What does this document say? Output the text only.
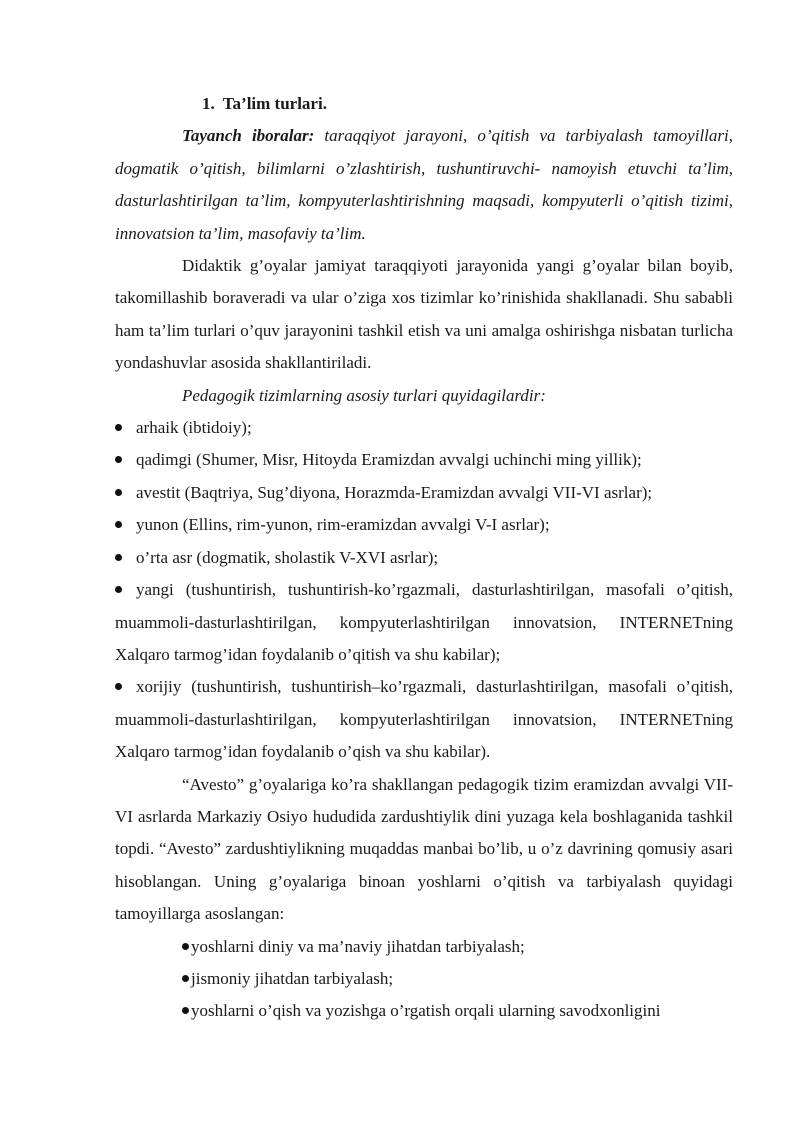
1. Ta’lim turlari.

Tayanch iboralar: taraqqiyot jarayoni, o’qitish va tarbiyalash tamoyillari, dogmatik o’qitish, bilimlarni o’zlashtirish, tushuntiruvchi- namoyish etuvchi ta’lim, dasturlashtirilgan ta’lim, kompyuterlashtirishning maqsadi, kompyuterli o’qitish tizimi, innovatsion ta’lim, masofaviy ta’lim.

Didaktik g’oyalar jamiyat taraqqiyoti jarayonida yangi g’oyalar bilan boyib, takomillashib boraveradi va ular o’ziga xos tizimlar ko’rinishida shakllanadi. Shu sababli ham ta’lim turlari o’quv jarayonini tashkil etish va uni amalga oshirishga nisbatan turlicha yondashuvlar asosida shakllantiriladi.

Pedagogik tizimlarning asosiy turlari quyidagilardir:

arhaik (ibtidoiy);
qadimgi (Shumer, Misr, Hitoyda Eramizdan avvalgi uchinchi ming yillik);
avestit (Baqtriya, Sug’diyona, Horazmda-Eramizdan avvalgi VII-VI asrlar);
yunon (Ellins, rim-yunon, rim-eramizdan avvalgi V-I asrlar);
o’rta asr (dogmatik, sholastik V-XVI asrlar);
yangi (tushuntirish, tushuntirish-ko’rgazmali, dasturlashtirilgan, masofali o’qitish, muammoli-dasturlashtirilgan, kompyuterlashtirilgan innovatsion, INTERNETning Xalqaro tarmog’idan foydalanib o’qitish va shu kabilar);
xorijiy (tushuntirish, tushuntirish–ko’rgazmali, dasturlashtirilgan, masofali o’qitish, muammoli-dasturlashtirilgan, kompyuterlashtirilgan innovatsion, INTERNETning Xalqaro tarmog’idan foydalanib o’qish va shu kabilar).

“Avesto” g’oyalariga ko’ra shakllangan pedagogik tizim eramizdan avvalgi VII-VI asrlarda Markaziy Osiyo hududida zardushtiylik dini yuzaga kela boshlaganida tashkil topdi. “Avesto” zardushtiylikning muqaddas manbai bo’lib, u o’z davrining qomusiy asari hisoblangan. Uning g’oyalariga binoan yoshlarni o’qitish va tarbiyalash quyidagi tamoyillarga asoslangan:

yoshlarni diniy va ma’naviy jihatdan tarbiyalash;
jismoniy jihatdan tarbiyalash;
yoshlarni o’qish va yozishga o’rgatish orqali ularning savodxonligini
